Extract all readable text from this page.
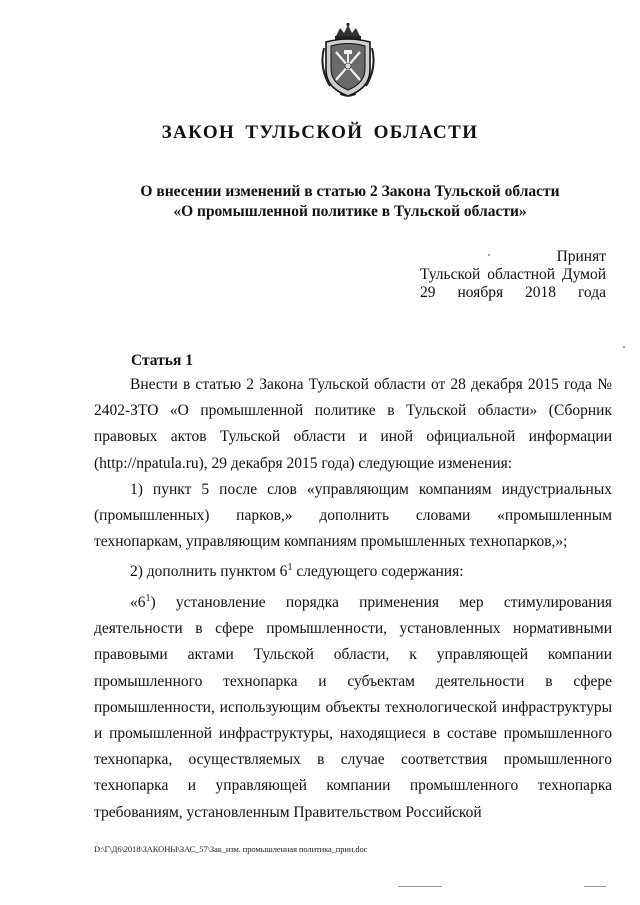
ЗАКОН ТУЛЬСКОЙ ОБЛАСТИ
О внесении изменений в статью 2 Закона Тульской области
«О промышленной политике в Тульской области»
Принят
Тульской областной Думой
29 ноября 2018 года
Статья 1

Внести в статью 2 Закона Тульской области от 28 декабря 2015 года № 2402-ЗТО «О промышленной политике в Тульской области» (Сборник правовых актов Тульской области и иной официальной информации (http://npatula.ru), 29 декабря 2015 года) следующие изменения:

1) пункт 5 после слов «управляющим компаниям индустриальных (промышленных) парков,» дополнить словами «промышленным технопаркам, управляющим компаниям промышленных технопарков,»;

2) дополнить пунктом $6^1$ следующего содержания:

«$6^1$) установление порядка применения мер стимулирования деятельности в сфере промышленности, установленных нормативными правовыми актами Тульской области, к управляющей компании промышленного технопарка и субъектам деятельности в сфере промышленности, использующим объекты технологической инфраструктуры и промышленной инфраструктуры, находящиеся в составе промышленного технопарка, осуществляемых в случае соответствия промышленного технопарка и управляющей компании промышленного технопарка требованиям, установленным Правительством Российской

D:\Г\Д6\2018\ЗАКОНЫ\ЗАС_57\Зак_изм. промышленная политика_прин.doc
